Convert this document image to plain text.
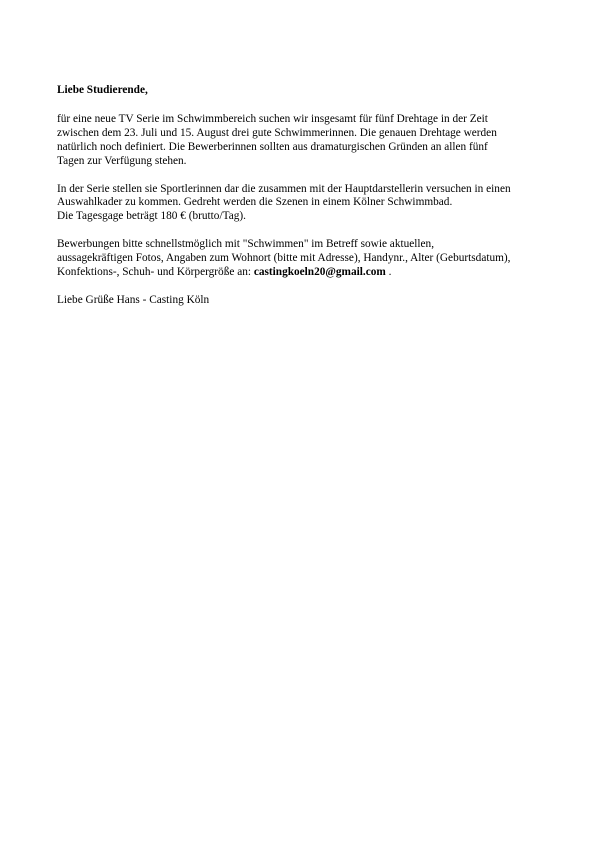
Liebe Studierende,

für eine neue TV Serie im Schwimmbereich suchen wir insgesamt für fünf Drehtage in der Zeit
zwischen dem 23. Juli und 15. August drei gute Schwimmerinnen. Die genauen Drehtage werden
natürlich noch definiert. Die Bewerberinnen sollten aus dramaturgischen Gründen an allen fünf
Tagen zur Verfügung stehen.

In der Serie stellen sie Sportlerinnen dar die zusammen mit der Hauptdarstellerin versuchen in einen
Auswahlkader zu kommen. Gedreht werden die Szenen in einem Kölner Schwimmbad.
Die Tagesgage beträgt 180 € (brutto/Tag).

Bewerbungen bitte schnellstmöglich mit "Schwimmen" im Betreff sowie aktuellen,
aussagekräftigen Fotos, Angaben zum Wohnort (bitte mit Adresse), Handynr., Alter (Geburtsdatum),
Konfektions-, Schuh- und Körpergröße an: castingkoeln20@gmail.com .

Liebe Grüße Hans - Casting Köln
